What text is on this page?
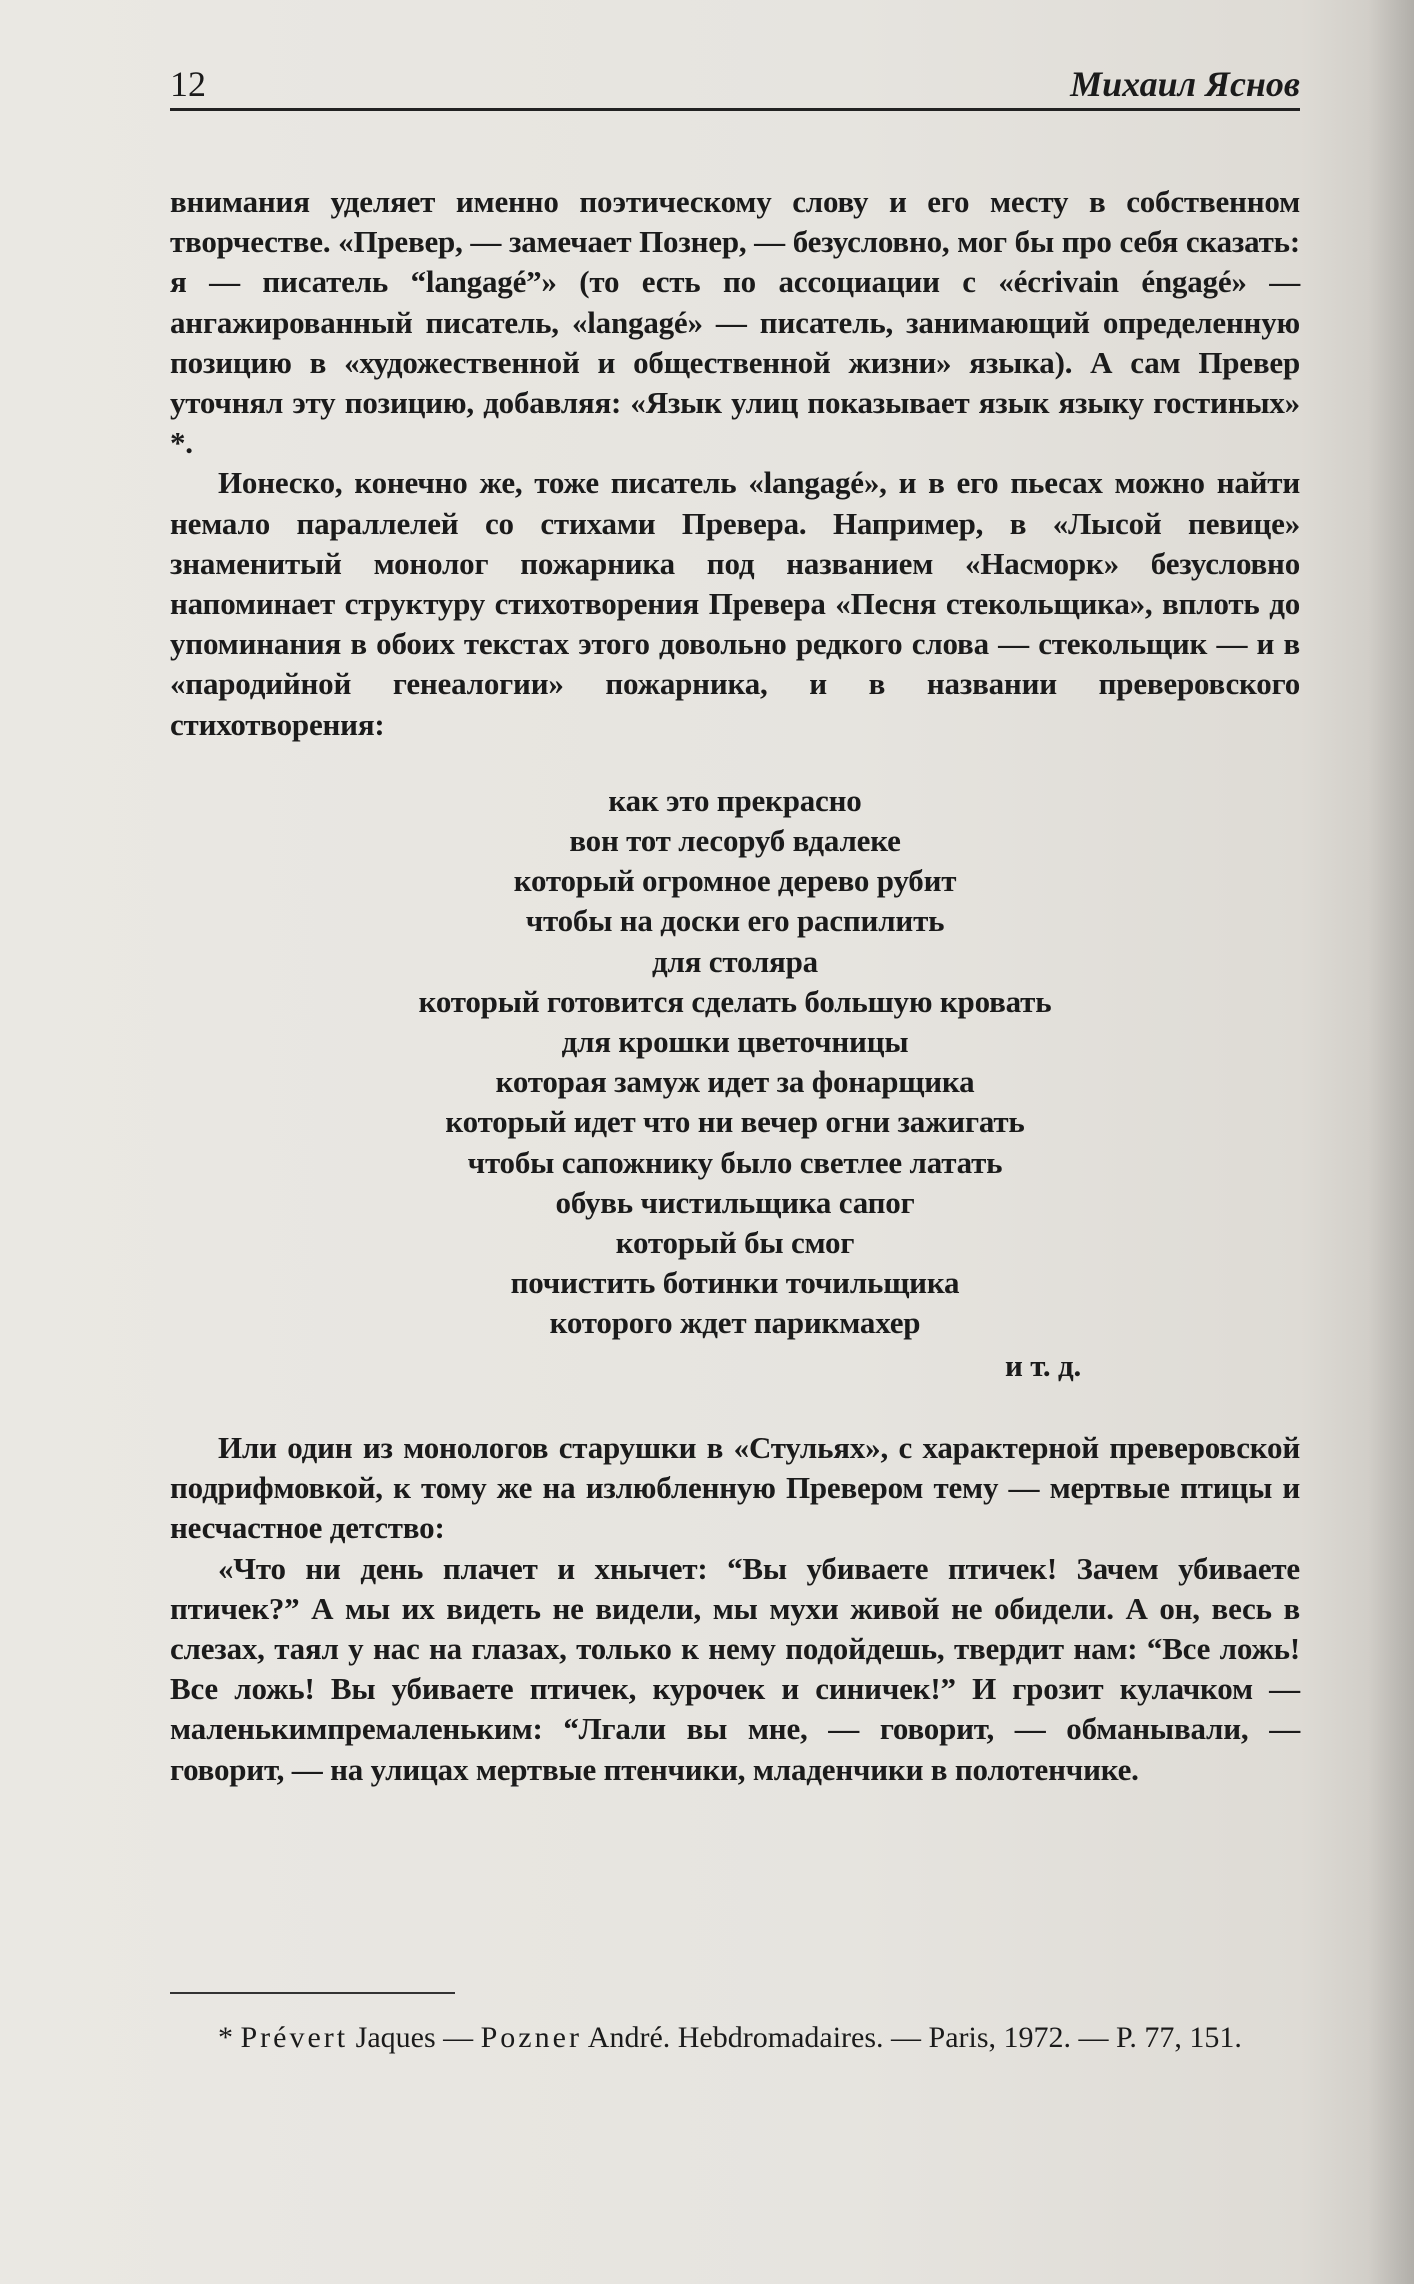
12	Михаил Яснов

внимания уделяет именно поэтическому слову и его месту в собственном творчестве. «Превер, — замечает Познер, — безусловно, мог бы про себя сказать: я — писатель “langagé”» (то есть по ассоциации с «écrivain éngagé» — ангажированный писатель, «langagé» — писатель, занимающий определенную позицию в «художественной и общественной жизни» языка). А сам Превер уточнял эту позицию, добавляя: «Язык улиц показывает язык языку гостиных» *.

Ионеско, конечно же, тоже писатель «langagé», и в его пьесах можно найти немало параллелей со стихами Превера. Например, в «Лысой певице» знаменитый монолог пожарника под названием «Насморк» безусловно напоминает структуру стихотворения Превера «Песня стекольщика», вплоть до упоминания в обоих текстах этого довольно редкого слова — стекольщик — и в «пародийной генеалогии» пожарника, и в названии преверовского стихотворения:

как это прекрасно
вон тот лесоруб вдалеке
который огромное дерево рубит
чтобы на доски его распилить
для столяра
который готовится сделать большую кровать
для крошки цветочницы
которая замуж идет за фонарщика
который идет что ни вечер огни зажигать
чтобы сапожнику было светлее латать
обувь чистильщика сапог
который бы смог
почистить ботинки точильщика
которого ждет парикмахер

и т. д.

Или один из монологов старушки в «Стульях», с характерной преверовской подрифмовкой, к тому же на излюбленную Превером тему — мертвые птицы и несчастное детство:

«Что ни день плачет и хнычет: “Вы убиваете птичек! Зачем убиваете птичек?” А мы их видеть не видели, мы мухи живой не обидели. А он, весь в слезах, таял у нас на глазах, только к нему подойдешь, твердит нам: “Все ложь! Все ложь! Вы убиваете птичек, курочек и синичек!” И грозит кулачком — маленькимпремаленьким: “Лгали вы мне, — говорит, — обманывали, — говорит, — на улицах мертвые птенчики, младенчики в полотенчике.

* Prévert Jaques — Pozner André. Hebdromadaires. — Paris, 1972. — P. 77, 151.
